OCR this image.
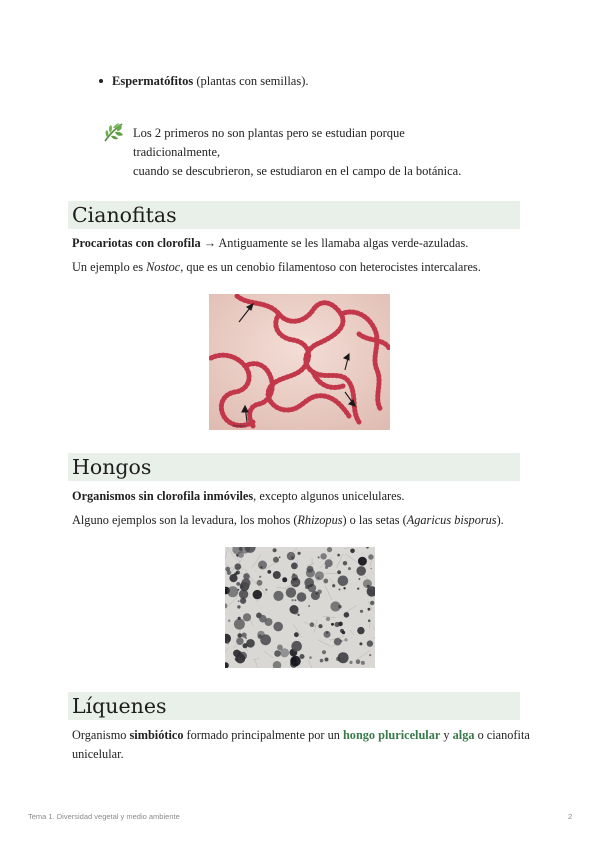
Espermatófitos (plantas con semillas).
Los 2 primeros no son plantas pero se estudian porque tradicionalmente,
cuando se descubrieron, se estudiaron en el campo de la botánica.
Cianofitas
Procariotas con clorofila → Antiguamente se les llamaba algas verde-azuladas.
Un ejemplo es Nostoc, que es un cenobio filamentoso con heterocistes intercalares.
Nostoc
Hongos
Organismos sin clorofila inmóviles, excepto algunos unicelulares.
Alguno ejemplos son la levadura, los mohos (Rhizopus) o las setas (Agaricus bisporus).
Líquenes
Organismo simbiótico formado principalmente por un hongo pluricelular y alga o cianofita
unicelular.
Tema 1. Diversidad vegetal y medio ambiente	2
